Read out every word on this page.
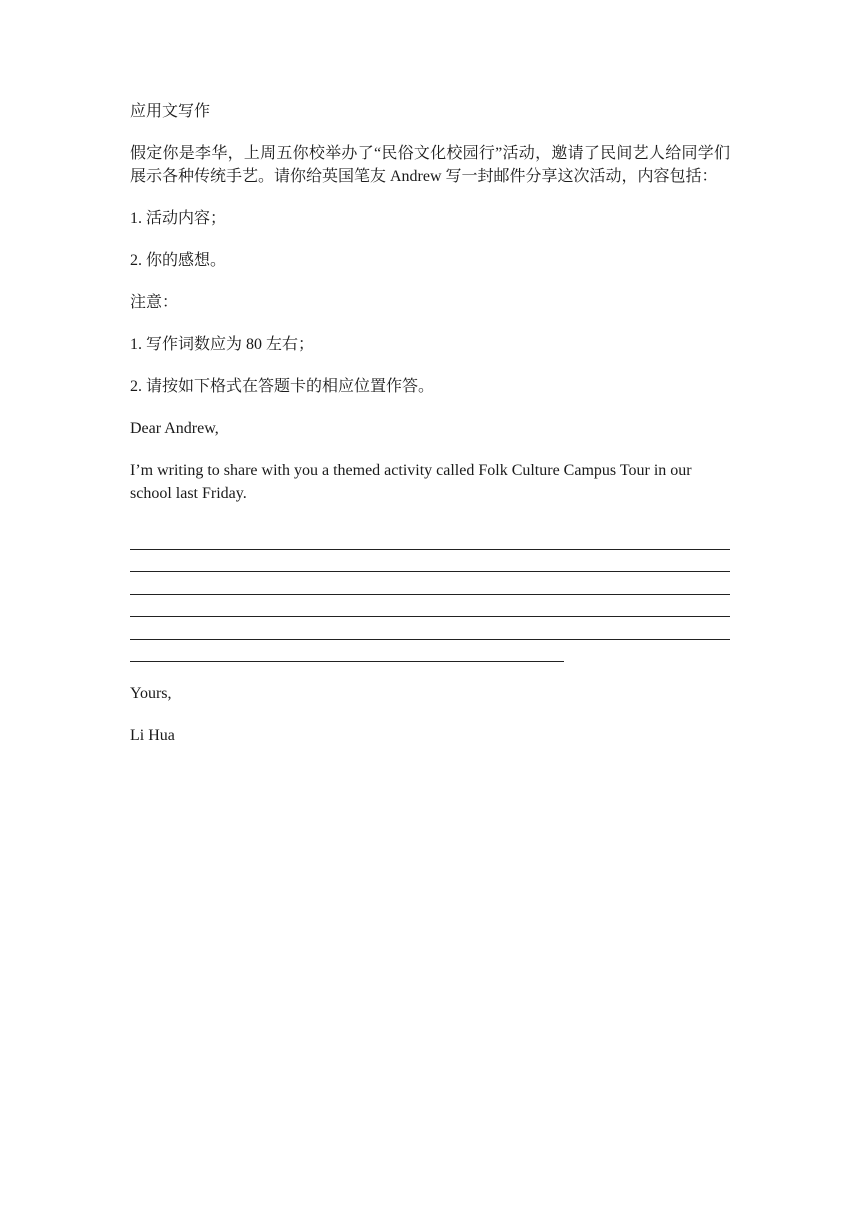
应用文写作

假定你是李华，上周五你校举办了“民俗文化校园行”活动，邀请了民间艺人给同学们展示各种传统手艺。请你给英国笔友 Andrew 写一封邮件分享这次活动，内容包括：

1. 活动内容；

2. 你的感想。

注意：

1. 写作词数应为 80 左右；

2. 请按如下格式在答题卡的相应位置作答。

Dear Andrew,

I’m writing to share with you a themed activity called Folk Culture Campus Tour in our school last Friday.

Yours,

Li Hua
